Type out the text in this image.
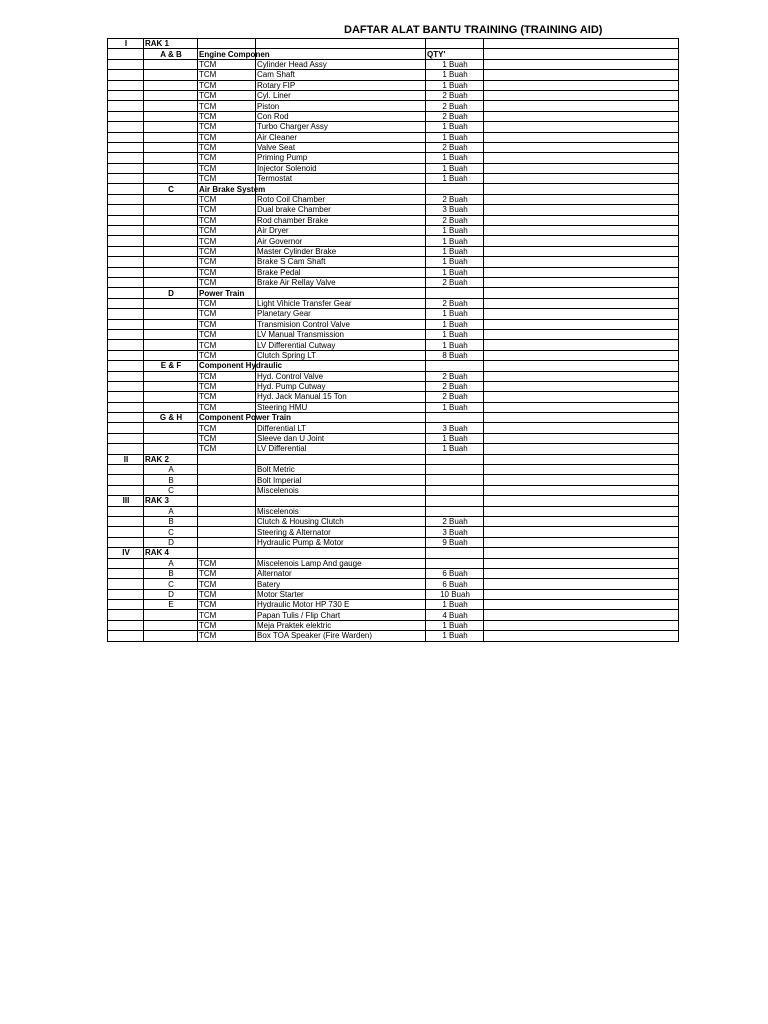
DAFTAR ALAT BANTU TRAINING (TRAINING AID)
I	RAK 1				
	A & B	Engine Componen		QTY'	
		TCM	Cylinder Head Assy	1 Buah	
		TCM	Cam Shaft	1 Buah	
		TCM	Rotary FIP	1 Buah	
		TCM	Cyl. Liner	2 Buah	
		TCM	Piston	2 Buah	
		TCM	Con Rod	2 Buah	
		TCM	Turbo Charger Assy	1 Buah	
		TCM	Air Cleaner	1 Buah	
		TCM	Valve Seat	2 Buah	
		TCM	Priming Pump	1 Buah	
		TCM	Injector Solenoid	1 Buah	
		TCM	Termostat	1 Buah	
	C	Air Brake System			
		TCM	Roto Coil Chamber	2 Buah	
		TCM	Dual brake Chamber	3 Buah	
		TCM	Rod chamber Brake	2 Buah	
		TCM	Air Dryer	1 Buah	
		TCM	Air Governor	1 Buah	
		TCM	Master Cylinder Brake	1 Buah	
		TCM	Brake S Cam Shaft	1 Buah	
		TCM	Brake Pedal	1 Buah	
		TCM	Brake Air Rellay Valve	2 Buah	
	D	Power Train			
		TCM	Light Vihicle Transfer Gear	2 Buah	
		TCM	Planetary Gear	1 Buah	
		TCM	Transmision Control Valve	1 Buah	
		TCM	LV Manual Transmission	1 Buah	
		TCM	LV Differential Cutway	1 Buah	
		TCM	Clutch Spring LT	8 Buah	
	E & F	Component Hydraulic			
		TCM	Hyd. Control Valve	2 Buah	
		TCM	Hyd. Pump Cutway	2 Buah	
		TCM	Hyd. Jack Manual 15 Ton	2 Buah	
		TCM	Steering HMU	1 Buah	
	G & H	Component Power Train			
		TCM	Differential LT	3 Buah	
		TCM	Sleeve dan U Joint	1 Buah	
		TCM	LV Differential	1 Buah	
II	RAK 2				
	A		Bolt Metric		
	B		Bolt Imperial		
	C		Miscelenois		
III	RAK 3				
	A		Miscelenois		
	B		Clutch & Housing Clutch	2 Buah	
	C		Steering & Alternator	3 Buah	
	D		Hydraulic Pump & Motor	9 Buah	
IV	RAK 4				
	A	TCM	Miscelenois Lamp And gauge		
	B	TCM	Alternator	6 Buah	
	C	TCM	Batery	6 Buah	
	D	TCM	Motor Starter	10 Buah	
	E	TCM	Hydraulic Motor HP 730 E	1 Buah	
		TCM	Papan Tulis / Flip Chart	4 Buah	
		TCM	Meja Praktek elektric	1 Buah	
		TCM	Box TOA Speaker (Fire Warden)	1 Buah	
